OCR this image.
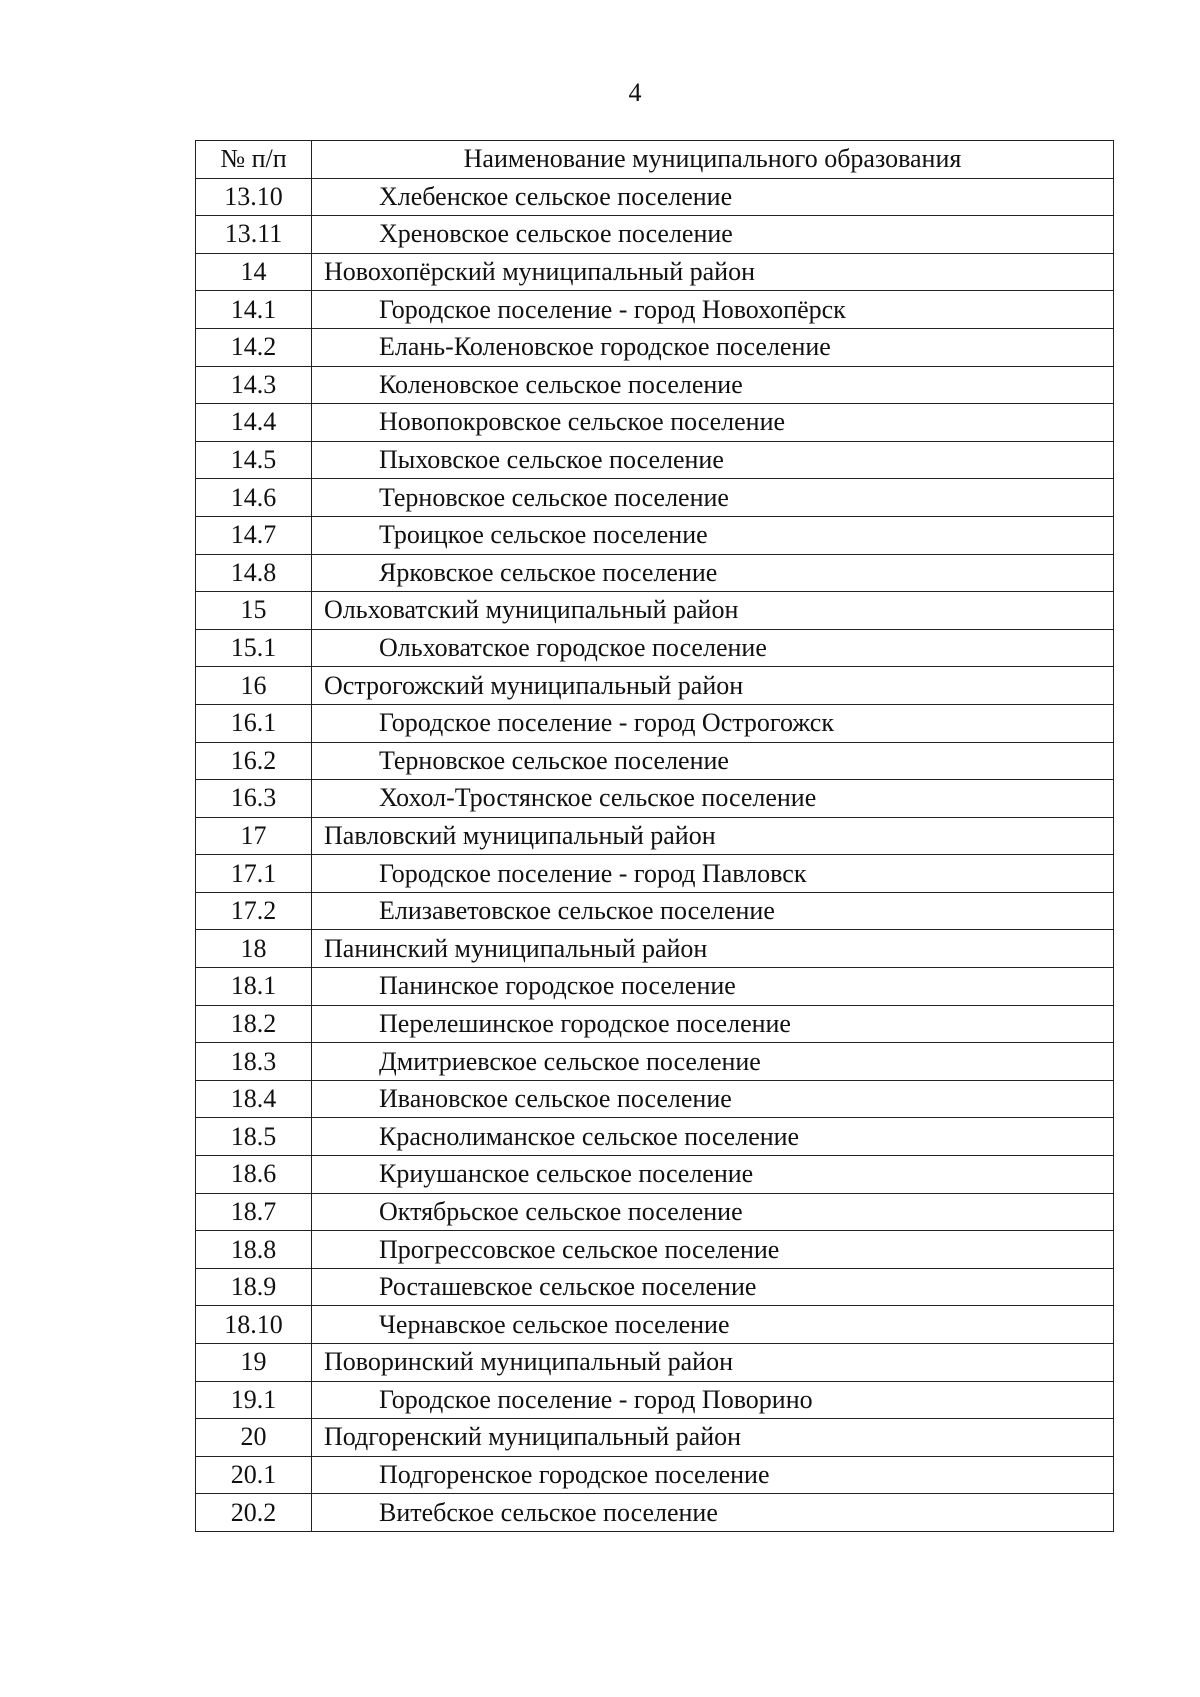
4
№ п/п	Наименование муниципального образования
13.10	Хлебенское сельское поселение
13.11	Хреновское сельское поселение
14	Новохопёрский муниципальный район
14.1	Городское поселение - город Новохопёрск
14.2	Елань-Коленовское городское поселение
14.3	Коленовское сельское поселение
14.4	Новопокровское сельское поселение
14.5	Пыховское сельское поселение
14.6	Терновское сельское поселение
14.7	Троицкое сельское поселение
14.8	Ярковское сельское поселение
15	Ольховатский муниципальный район
15.1	Ольховатское городское поселение
16	Острогожский муниципальный район
16.1	Городское поселение - город Острогожск
16.2	Терновское сельское поселение
16.3	Хохол-Тростянское сельское поселение
17	Павловский муниципальный район
17.1	Городское поселение - город Павловск
17.2	Елизаветовское сельское поселение
18	Панинский муниципальный район
18.1	Панинское городское поселение
18.2	Перелешинское городское поселение
18.3	Дмитриевское сельское поселение
18.4	Ивановское сельское поселение
18.5	Краснолиманское сельское поселение
18.6	Криушанское сельское поселение
18.7	Октябрьское сельское поселение
18.8	Прогрессовское сельское поселение
18.9	Росташевское сельское поселение
18.10	Чернавское сельское поселение
19	Поворинский муниципальный район
19.1	Городское поселение - город Поворино
20	Подгоренский муниципальный район
20.1	Подгоренское городское поселение
20.2	Витебское сельское поселение
